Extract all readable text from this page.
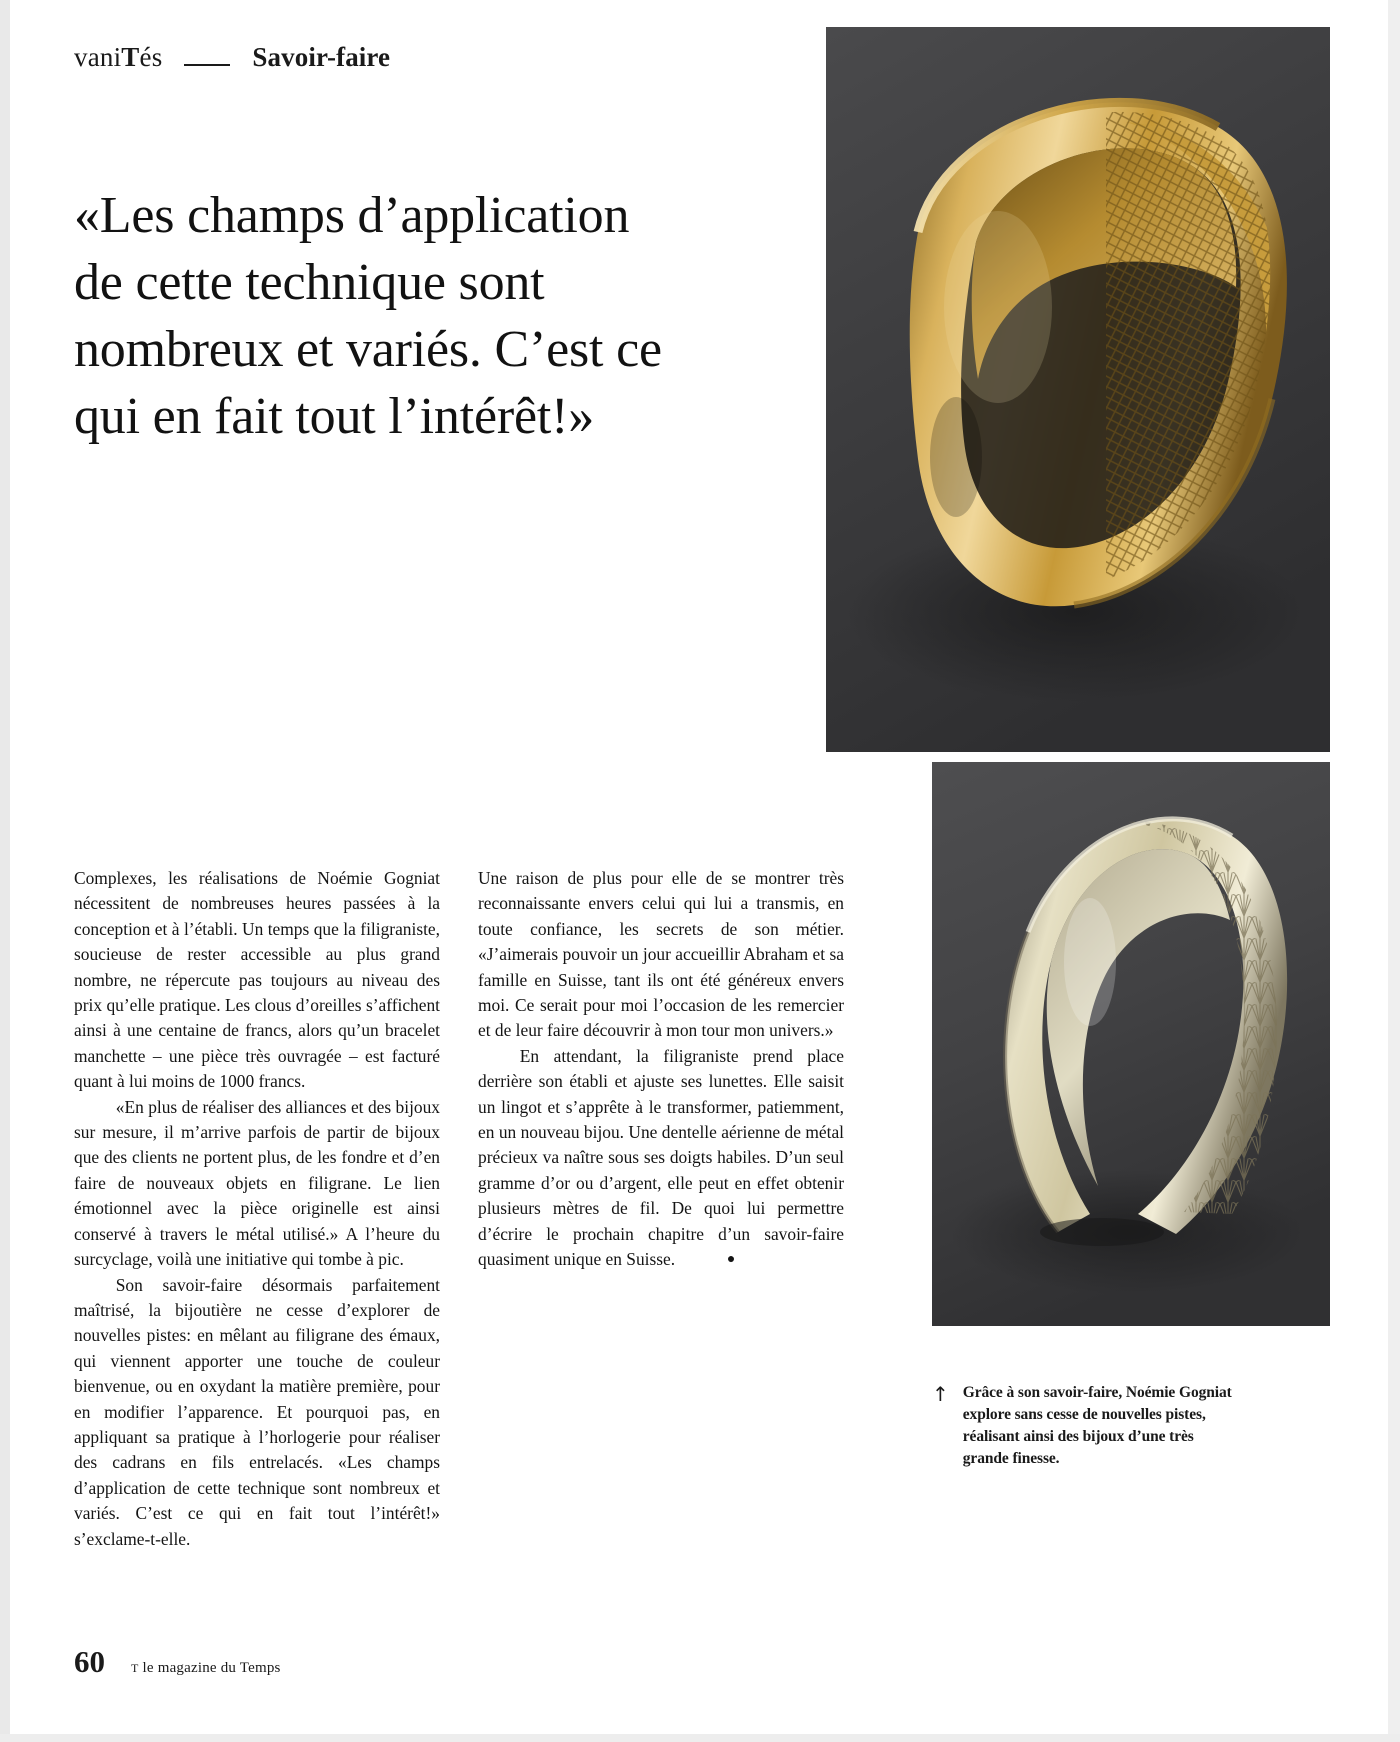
vaniTés	Savoir-faire
«Les champs d’application de cette technique sont nombreux et variés. C’est ce qui en fait tout l’intérêt!»
↑ Grâce à son savoir-faire, Noémie Gogniat explore sans cesse de nouvelles pistes, réalisant ainsi des bijoux d’une très grande finesse.

Complexes, les réalisations de Noémie Gogniat nécessitent de nombreuses heures passées à la conception et à l’établi. Un temps que la filigraniste, soucieuse de rester accessible au plus grand nombre, ne répercute pas toujours au niveau des prix qu’elle pratique. Les clous d’oreilles s’affichent ainsi à une centaine de francs, alors qu’un bracelet manchette – une pièce très ouvragée – est facturé quant à lui moins de 1000 francs.

«En plus de réaliser des alliances et des bijoux sur mesure, il m’arrive parfois de partir de bijoux que des clients ne portent plus, de les fondre et d’en faire de nouveaux objets en filigrane. Le lien émotionnel avec la pièce originelle est ainsi conservé à travers le métal utilisé.» A l’heure du surcyclage, voilà une initiative qui tombe à pic.

Son savoir-faire désormais parfaitement maîtrisé, la bijoutière ne cesse d’explorer de nouvelles pistes: en mêlant au filigrane des émaux, qui viennent apporter une touche de couleur bienvenue, ou en oxydant la matière première, pour en modifier l’apparence. Et pourquoi pas, en appliquant sa pratique à l’horlogerie pour réaliser des cadrans en fils entrelacés. «Les champs d’application de cette technique sont nombreux et variés. C’est ce qui en fait tout l’intérêt!» s’exclame-t-elle.

Une raison de plus pour elle de se montrer très reconnaissante envers celui qui lui a transmis, en toute confiance, les secrets de son métier. «J’aimerais pouvoir un jour accueillir Abraham et sa famille en Suisse, tant ils ont été généreux envers moi. Ce serait pour moi l’occasion de les remercier et de leur faire découvrir à mon tour mon univers.»

En attendant, la filigraniste prend place derrière son établi et ajuste ses lunettes. Elle saisit un lingot et s’apprête à le transformer, patiemment, en un nouveau bijou. Une dentelle aérienne de métal précieux va naître sous ses doigts habiles. D’un seul gramme d’or ou d’argent, elle peut en effet obtenir plusieurs mètres de fil. De quoi lui permettre d’écrire le prochain chapitre d’un savoir-faire quasiment unique en Suisse.	●

60 T le magazine du Temps
